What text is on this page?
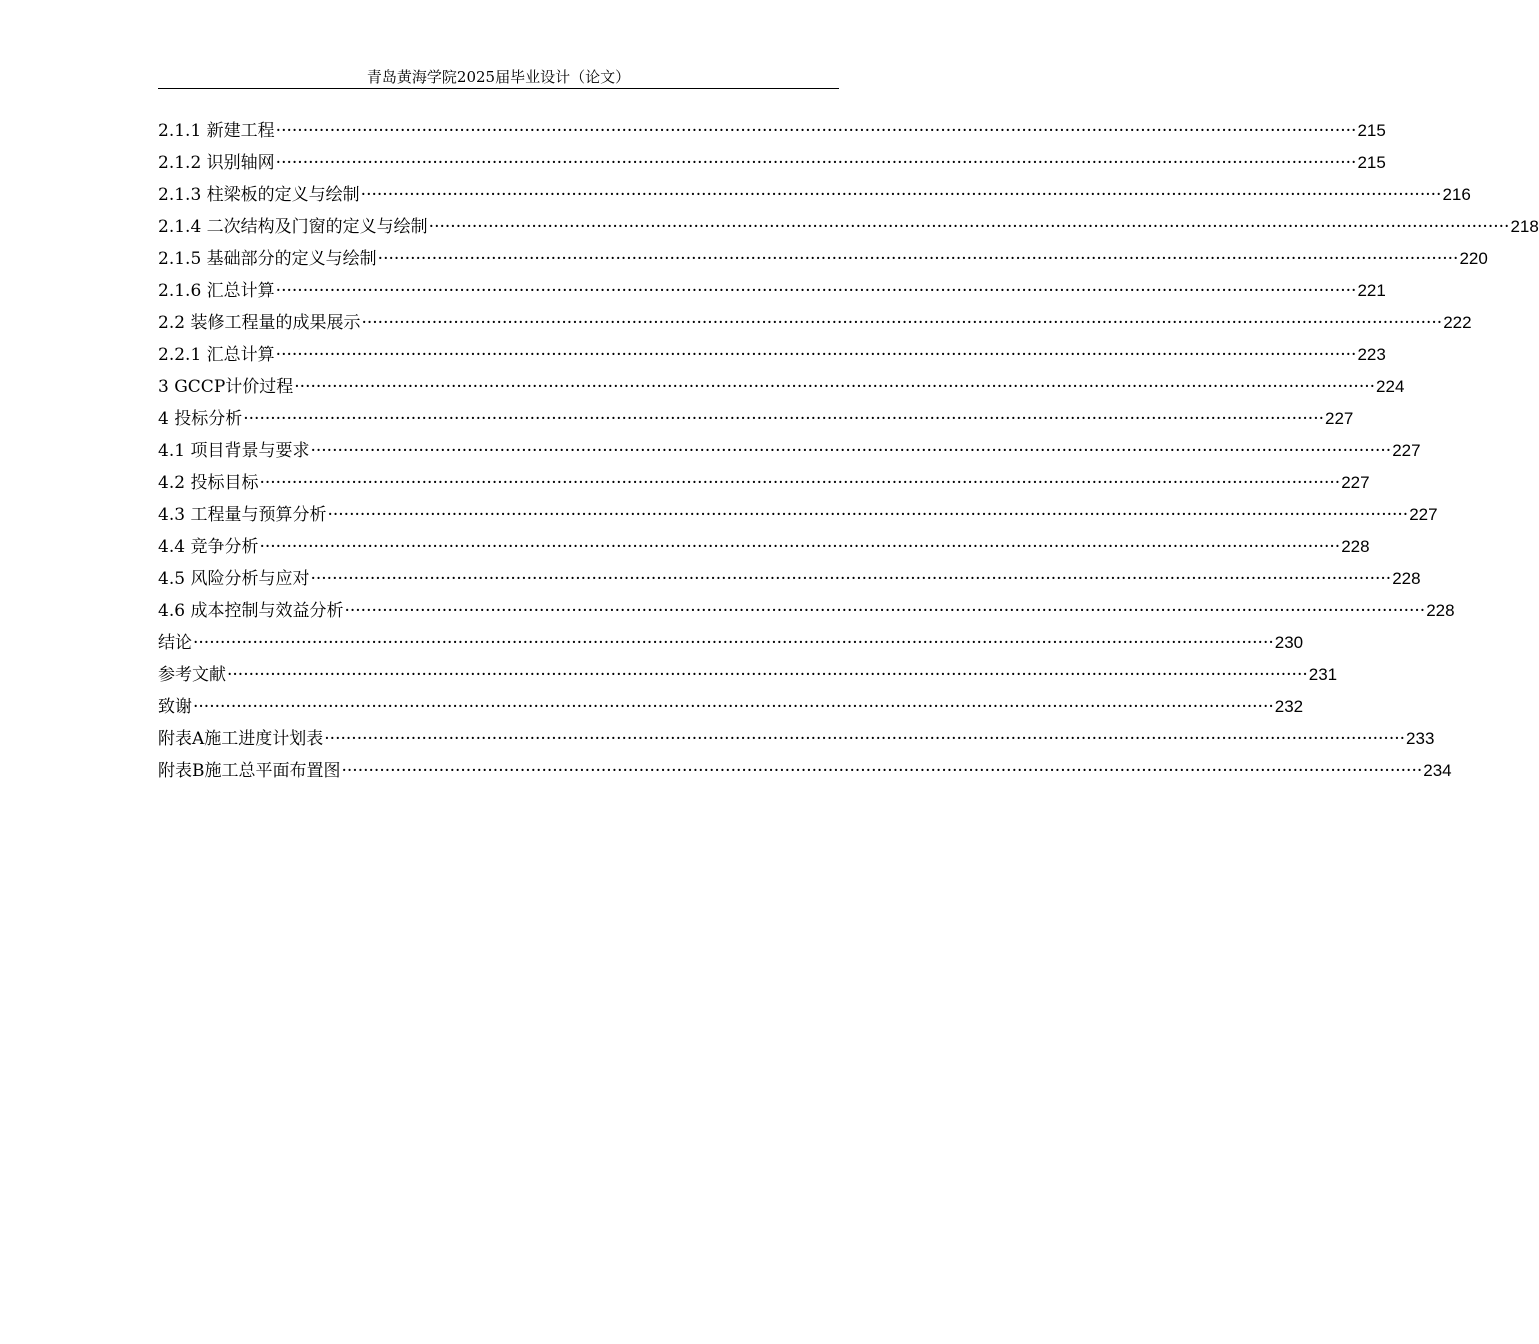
青岛黄海学院2025届毕业设计（论文）
2.1.1 新建工程 ········································································································································································································ 215
2.1.2 识别轴网 ········································································································································································································ 215
2.1.3 柱梁板的定义与绘制 ········································································································································································································ 216
2.1.4 二次结构及门窗的定义与绘制 ········································································································································································································ 218
2.1.5 基础部分的定义与绘制 ········································································································································································································ 220
2.1.6 汇总计算 ········································································································································································································ 221
2.2 装修工程量的成果展示 ········································································································································································································ 222
2.2.1 汇总计算 ········································································································································································································ 223
3 GCCP计价过程 ········································································································································································································ 224
4 投标分析 ········································································································································································································ 227
4.1 项目背景与要求 ········································································································································································································ 227
4.2 投标目标 ········································································································································································································ 227
4.3 工程量与预算分析 ········································································································································································································ 227
4.4 竞争分析 ········································································································································································································ 228
4.5 风险分析与应对 ········································································································································································································ 228
4.6 成本控制与效益分析 ········································································································································································································ 228
结论 ········································································································································································································ 230
参考文献 ········································································································································································································ 231
致谢 ········································································································································································································ 232
附表A施工进度计划表 ········································································································································································································ 233
附表B施工总平面布置图 ········································································································································································································ 234
